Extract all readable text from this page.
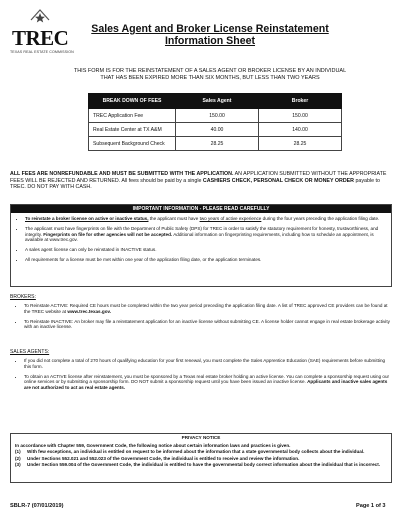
TREC
TEXAS REAL ESTATE COMMISSION
Sales Agent and Broker License Reinstatement
Information Sheet
THIS FORM IS FOR THE REINSTATEMENT OF A SALES AGENT OR BROKER LICENSE BY AN INDIVIDUAL THAT HAS BEEN EXPIRED MORE THAN SIX MONTHS, BUT LESS THAN TWO YEARS
BREAK DOWN OF FEES	Sales Agent	Broker
TREC Application Fee	150.00	150.00
Real Estate Center at TX A&M	40.00	140.00
Subsequent Background Check	28.25	28.25
ALL FEES ARE NONREFUNDABLE AND MUST BE SUBMITTED WITH THE APPLICATION. AN APPLICATION SUBMITTED WITHOUT THE APPROPRIATE FEES WILL BE REJECTED AND RETURNED. All fees should be paid by a single CASHIERS CHECK, PERSONAL CHECK OR MONEY ORDER payable to TREC. DO NOT PAY WITH CASH.
IMPORTANT INFORMATION - PLEASE READ CAREFULLY
• To reinstate a broker license on active or inactive status, the applicant must have two years of active experience during the four years preceding the application filing date.
• The applicant must have fingerprints on file with the Department of Public Safety (DPS) for TREC in order to satisfy the statutory requirement for honesty, trustworthiness, and integrity. Fingerprints on file for other agencies will not be accepted. Additional information on fingerprinting requirements, including how to schedule an appointment, is available at www.trec.gov.
• A sales agent license can only be reinstated in INACTIVE status.
• All requirements for a license must be met within one year of the application filing date, or the application terminates.
BROKERS:
• To Reinstate ACTIVE: Required CE hours must be completed within the two year period preceding the application filing date. A list of TREC approved CE providers can be found at the TREC website at www.trec.texas.gov.
• To Reinstate INACTIVE: An broker may file a reinstatement application for an inactive license without submitting CE. A license holder cannot engage in real estate brokerage activity with an inactive license.
SALES AGENTS:
• If you did not complete a total of 270 hours of qualifying education for your first renewal, you must complete the Sales Apprentice Education (SAE) requirements before submitting this form.
• To obtain an ACTIVE license after reinstatement, you must be sponsored by a Texas real estate broker holding an active license. You can complete a sponsorship request using our online services or by submitting a sponsorship form. DO NOT submit a sponsorship request until you have been issued an inactive license. Applicants and inactive sales agents are not authorized to act as real estate agents.
PRIVACY NOTICE
In accordance with Chapter 559, Government Code, the following notice about certain information laws and practices is given.
(1)	With few exceptions, an individual is entitled on request to be informed about the information that a state governmental body collects about the individual.
(2)	Under Sections 552.021 and 552.023 of the Government Code, the individual is entitled to receive and review the information.
(3)	Under Section 559.004 of the Government Code, the individual is entitled to have the governmental body correct information about the individual that is incorrect.
SBLR-7 (07/01/2019)	Page 1 of 3
